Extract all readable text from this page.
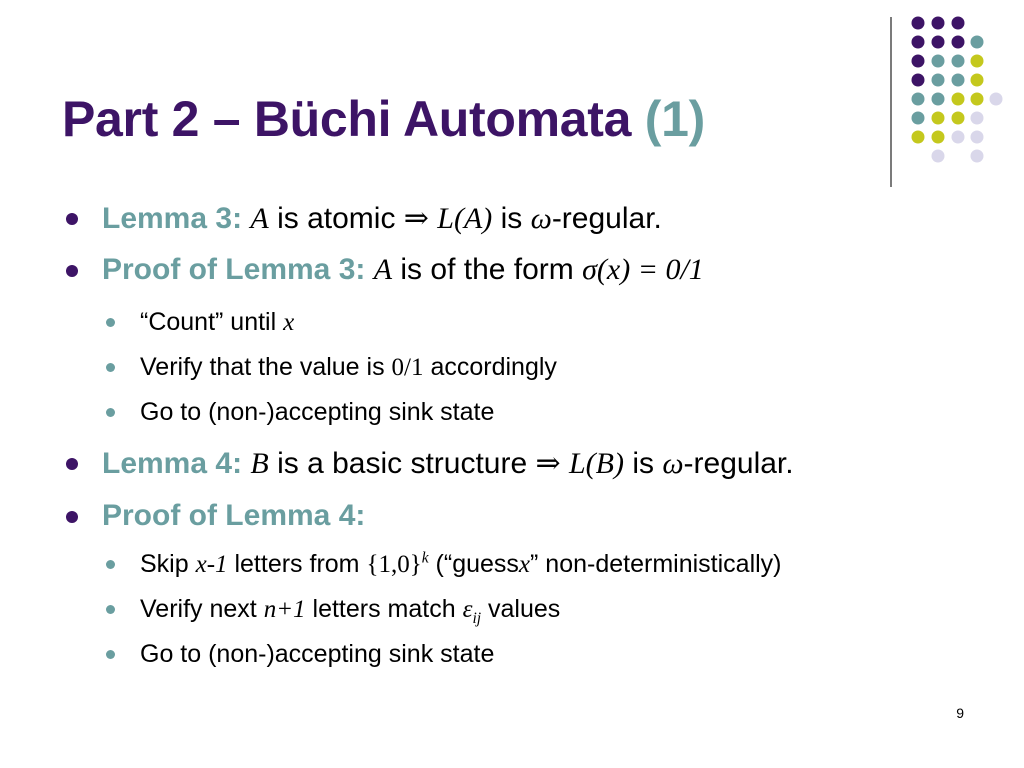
Part 2 – Büchi Automata (1)
Lemma 3: A is atomic ⇒ L(A) is ω-regular.
Proof of Lemma 3: A is of the form σ(x) = 0/1
“Count” until x
Verify that the value is 0/1 accordingly
Go to (non-)accepting sink state
Lemma 4: B is a basic structure ⇒ L(B) is ω-regular.
Proof of Lemma 4:
Skip x-1 letters from $\{1,0\}^k$ (“guessx” non-deterministically)
Verify next n+1 letters match $\varepsilon_{ij}$ values
Go to (non-)accepting sink state
9
